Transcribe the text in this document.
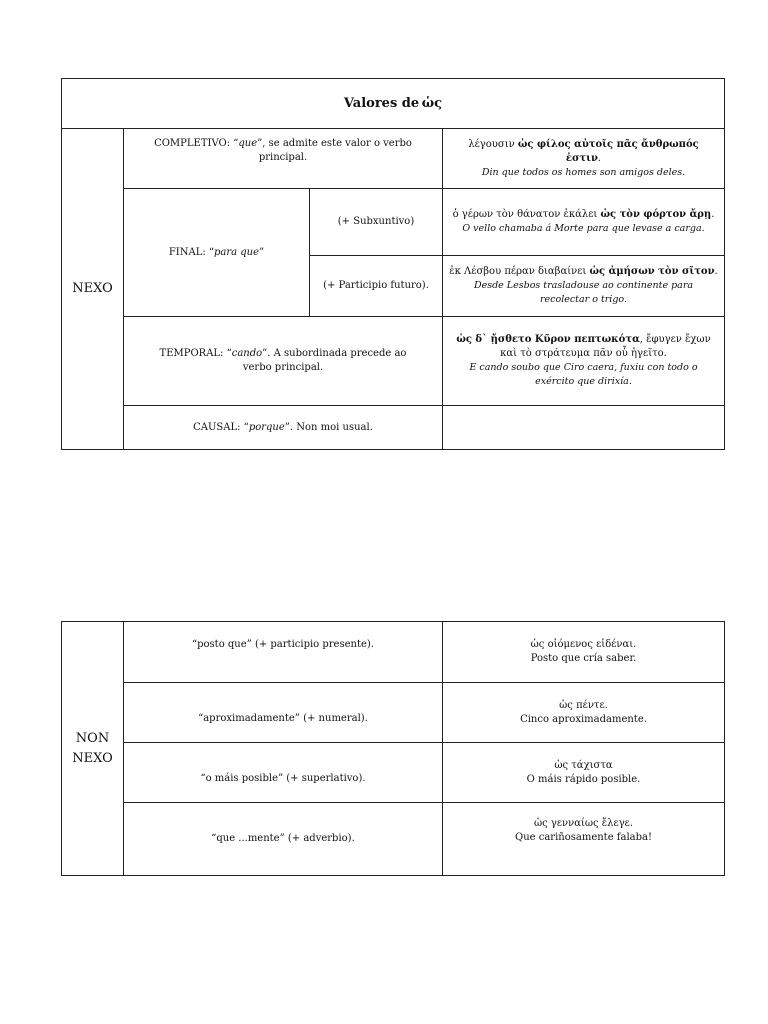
Valores de
  ὡς
NEXO
COMPLETIVO: “que”, se admite este valor o verbo principal.
λέγουσιν ὡς φίλος αὐτοῖς πᾶς ἄνθρωπός ἐστιν.
Din que todos os homes son amigos deles.
FINAL: “para que”
(+ Subxuntivo)
(+ Participio futuro).
ὁ γέρων τὸν θάνατον ἐκάλει ὡς τὸν φόρτον ἄρῃ.
O vello chamaba á Morte para que levase a carga.
ἐκ Λέσβου πέραν διαβαίνει ὡς ἀμήσων τὸν σῖτον.
Desde Lesbos trasladouse ao continente para recolectar o trigo.
TEMPORAL: “cando”. A subordinada precede ao verbo principal.
ὡς δ` ᾔσθετο Κῦρον πεπτωκότα, ἔφυγεν ἔχων καὶ τὸ στράτευμα πᾶν οὗ ἡγεῖτο.
E cando soubo que Ciro caera, fuxiu con todo o exército que dirixía.
CAUSAL: “porque”. Non moi usual.
NON
NEXO
“posto que” (+ participio presente).	ὡς οἰόμενος εἰδέναι.
Posto que cría saber.
“aproximadamente” (+ numeral).
ὡς πέντε.
Cinco aproximadamente.
“o máis posible” (+ superlativo).
ὡς τάχιστα
O máis rápido posible.
“que ...mente” (+ adverbio).
ὡς γενναίως ἔλεγε.
Que cariñosamente falaba!
